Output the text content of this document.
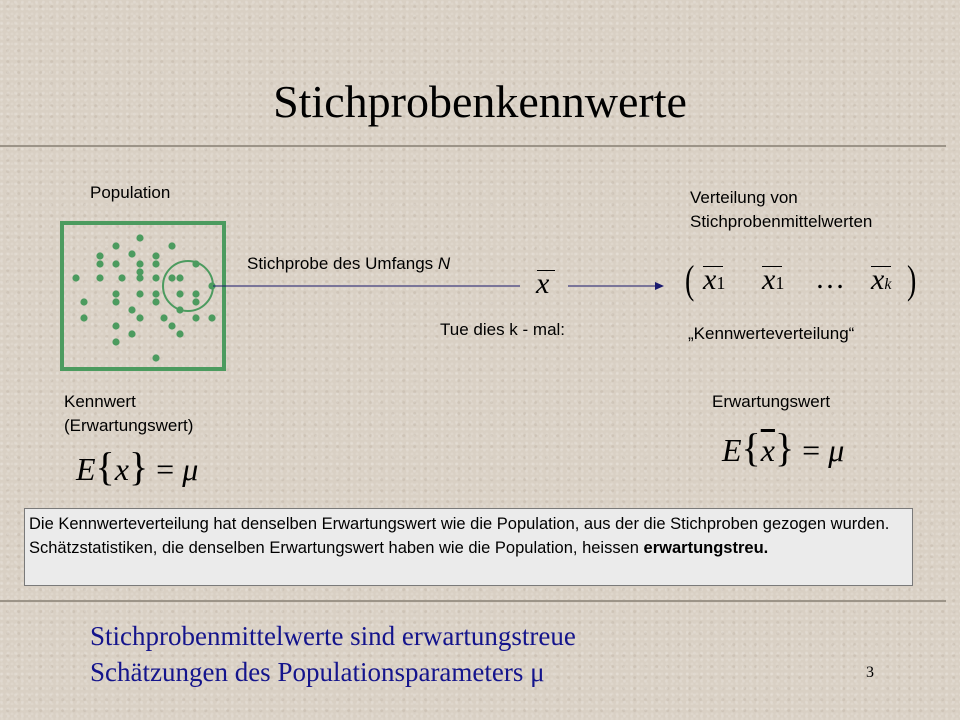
Stichprobenkennwerte
Population
Stichprobe des Umfangs N
x
Tue dies k - mal:
Verteilung von
Stichprobenmittelwerten
( x1 x1 … xk )
„Kennwerteverteilung“
Kennwert
(Erwartungswert)
E{x} = μ
Erwartungswert
$E\{\overline{x}\} = \mu$
Die Kennwerteverteilung hat denselben Erwartungswert wie die Population, aus der die Stichproben gezogen wurden. Schätzstatistiken, die denselben Erwartungswert haben wie die Population, heissen erwartungstreu.
Stichprobenmittelwerte sind erwartungstreue
Schätzungen des Populationsparameters μ	3
